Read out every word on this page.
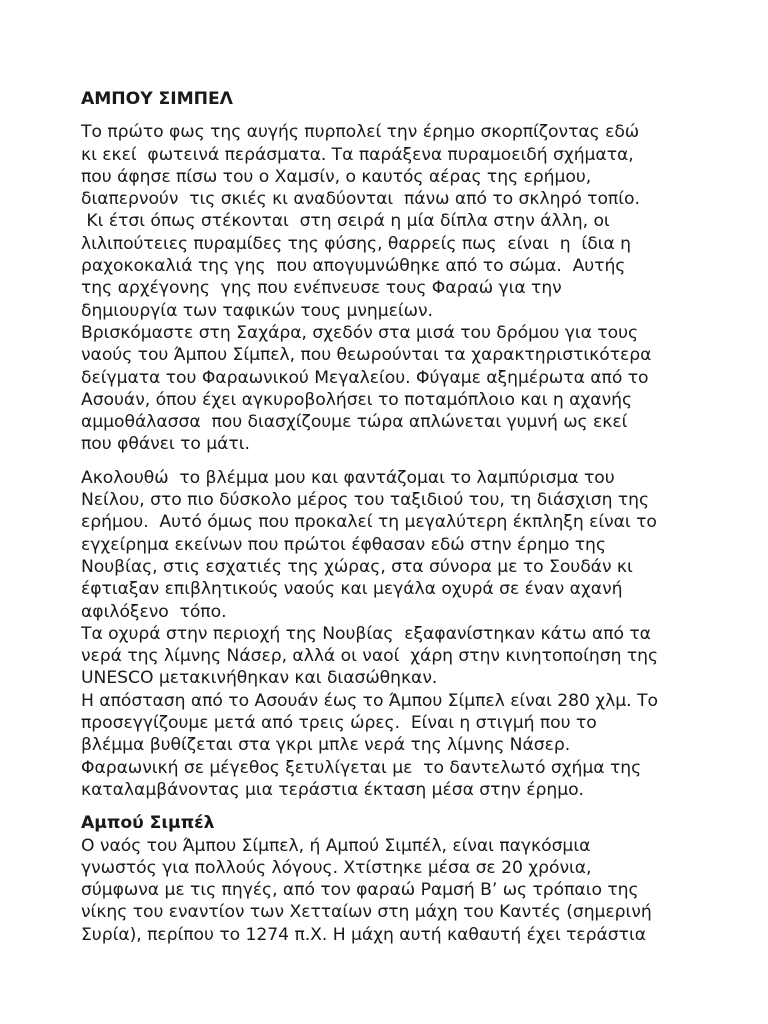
ΑΜΠΟΥ ΣΙΜΠΕΛ
Το πρώτο φως της αυγής πυρπολεί την έρημο σκορπίζοντας εδώ
κι εκεί  φωτεινά περάσματα. Τα παράξενα πυραμοειδή σχήματα,
που άφησε πίσω του ο Χαμσίν, ο καυτός αέρας της ερήμου,
διαπερνούν  τις σκιές κι αναδύονται  πάνω από το σκληρό τοπίο.
Κι έτσι όπως στέκονται  στη σειρά η μία δίπλα στην άλλη, οι
λιλιπούτειες πυραμίδες της φύσης, θαρρείς πως  είναι  η  ίδια η
ραχοκοκαλιά της γης  που απογυμνώθηκε από το σώμα.  Αυτής
της αρχέγονης  γης που ενέπνευσε τους Φαραώ για την
δημιουργία των ταφικών τους μνημείων.
Βρισκόμαστε στη Σαχάρα, σχεδόν στα μισά του δρόμου για τους
ναούς του Άμπου Σίμπελ, που θεωρούνται τα χαρακτηριστικότερα
δείγματα του Φαραωνικού Μεγαλείου. Φύγαμε αξημέρωτα από το
Ασουάν, όπου έχει αγκυροβολήσει το ποταμόπλοιο και η αχανής
αμμοθάλασσα  που διασχίζουμε τώρα απλώνεται γυμνή ως εκεί
που φθάνει το μάτι.
Ακολουθώ  το βλέμμα μου και φαντάζομαι το λαμπύρισμα του
Νείλου, στο πιο δύσκολο μέρος του ταξιδιού του, τη διάσχιση της
ερήμου.  Αυτό όμως που προκαλεί τη μεγαλύτερη έκπληξη είναι το
εγχείρημα εκείνων που πρώτοι έφθασαν εδώ στην έρημο της
Νουβίας, στις εσχατιές της χώρας, στα σύνορα με το Σουδάν κι
έφτιαξαν επιβλητικούς ναούς και μεγάλα οχυρά σε έναν αχανή
αφιλόξενο  τόπο.
Τα οχυρά στην περιοχή της Νουβίας  εξαφανίστηκαν κάτω από τα
νερά της λίμνης Νάσερ, αλλά οι ναοί  χάρη στην κινητοποίηση της
UNESCO μετακινήθηκαν και διασώθηκαν.
Η απόσταση από το Ασουάν έως το Άμπου Σίμπελ είναι 280 χλμ. Το
προσεγγίζουμε μετά από τρεις ώρες.  Είναι η στιγμή που το
βλέμμα βυθίζεται στα γκρι μπλε νερά της λίμνης Νάσερ.
Φαραωνική σε μέγεθος ξετυλίγεται με  το δαντελωτό σχήμα της
καταλαμβάνοντας μια τεράστια έκταση μέσα στην έρημο.
Αμπού Σιμπέλ
Ο ναός του Άμπου Σίμπελ, ή Αμπού Σιμπέλ, είναι παγκόσμια
γνωστός για πολλούς λόγους. Χτίστηκε μέσα σε 20 χρόνια,
σύμφωνα με τις πηγές, από τον φαραώ Ραμσή Β’ ως τρόπαιο της
νίκης του εναντίον των Χετταίων στη μάχη του Καντές (σημερινή
Συρία), περίπου το 1274 π.Χ. Η μάχη αυτή καθαυτή έχει τεράστια
